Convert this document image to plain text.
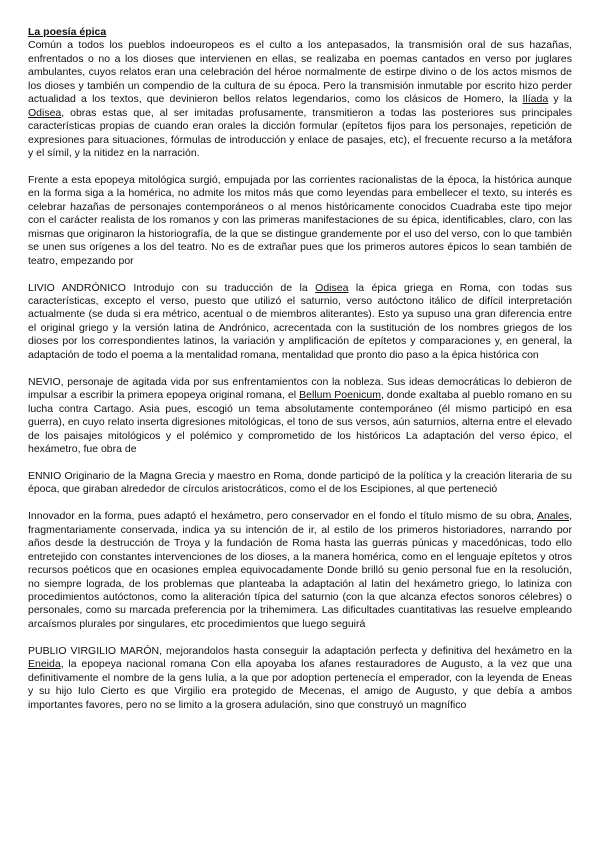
La poesía épica

Común a todos los pueblos indoeuropeos es el culto a los antepasados, la transmisión oral de sus hazañas, enfrentados o no a los dioses que intervienen en ellas, se realizaba en poemas cantados en verso por juglares ambulantes, cuyos relatos eran una celebración del héroe normalmente de estirpe divino o de los actos mismos de los dioses y también un compendio de la cultura de su época. Pero la transmisión inmutable por escrito hizo perder actualidad a los textos, que devinieron bellos relatos legendarios, como los clásicos de Homero, la Ilíada y la Odisea, obras estas que, al ser imitadas profusamente, transmitieron a todas las posteriores sus principales características propias de cuando eran orales la dicción formular (epítetos fijos para los personajes, repetición de expresiones para situaciones, fórmulas de introducción y enlace de pasajes, etc), el frecuente recurso a la metáfora y el símil, y la nitidez en la narración.

Frente a esta epopeya mitológica surgió, empujada por las corrientes racionalistas de la época, la histórica aunque en la forma siga a la homérica, no admite los mitos más que como leyendas para embellecer el texto, su interés es celebrar hazañas de personajes contemporáneos o al menos históricamente conocidos Cuadraba este tipo mejor con el carácter realista de los romanos y con las primeras manifestaciones de su épica, identificables, claro, con las mismas que originaron la historiografía, de la que se distingue grandemente por el uso del verso, con lo que también se unen sus orígenes a los del teatro. No es de extrañar pues que los primeros autores épicos lo sean también de teatro, empezando por

LIVIO ANDRÓNICO Introdujo con su traducción de la Odisea la épica griega en Roma, con todas sus características, excepto el verso, puesto que utilizó el saturnio, verso autóctono itálico de difícil interpretación actualmente (se duda si era métrico, acentual o de miembros aliterantes). Esto ya supuso una gran diferencia entre el original griego y la versión latina de Andrónico, acrecentada con la sustitución de los nombres griegos de los dioses por los correspondientes latinos, la variación y amplificación de epítetos y comparaciones y, en general, la adaptación de todo el poema a la mentalidad romana, mentalidad que pronto dio paso a la épica histórica con

NEVIO, personaje de agitada vida por sus enfrentamientos con la nobleza. Sus ideas democráticas lo debieron de impulsar a escribir la primera epopeya original romana, el Bellum Poenicum, donde exaltaba al pueblo romano en su lucha contra Cartago. Asia pues, escogió un tema absolutamente contemporáneo (él mismo participó en esa guerra), en cuyo relato inserta digresiones mitológicas, el tono de sus versos, aún saturnios, alterna entre el elevado de los paisajes mitológicos y el polémico y comprometido de los históricos La adaptación del verso épico, el hexámetro, fue obra de

ENNIO Originario de la Magna Grecia y maestro en Roma, donde participó de la política y la creación literaria de su época, que giraban alrededor de círculos aristocráticos, como el de los Escipiones, al que perteneció

Innovador en la forma, pues adaptó el hexámetro, pero conservador en el fondo el título mismo de su obra, Anales, fragmentariamente conservada, indica ya su intención de ir, al estilo de los primeros historiadores, narrando por años desde la destrucción de Troya y la fundación de Roma hasta las guerras púnicas y macedónicas, todo ello entretejido con constantes intervenciones de los dioses, a la manera homérica, como en el lenguaje epítetos y otros recursos poéticos que en ocasiones emplea equivocadamente Donde brilló su genio personal fue en la resolución, no siempre lograda, de los problemas que planteaba la adaptación al latin del hexámetro griego, lo latiniza con procedimientos autóctonos, como la aliteración típica del saturnio (con la que alcanza efectos sonoros célebres) o personales, como su marcada preferencia por la trihemimera. Las dificultades cuantitativas las resuelve empleando arcaísmos plurales por singulares, etc procedimientos que luego seguirá

PUBLIO VIRGILIO MARÓN, mejorandolos hasta conseguir la adaptación perfecta y definitiva del hexámetro en la Eneida, la epopeya nacional romana Con ella apoyaba los afanes restauradores de Augusto, a la vez que una definitivamente el nombre de la gens Iulia, a la que por adoption pertenecía el emperador, con la leyenda de Eneas y su hijo Iulo Cierto es que Virgilio era protegido de Mecenas, el amigo de Augusto, y que debía a ambos importantes favores, pero no se limito a la grosera adulación, sino que construyó un magnífico
